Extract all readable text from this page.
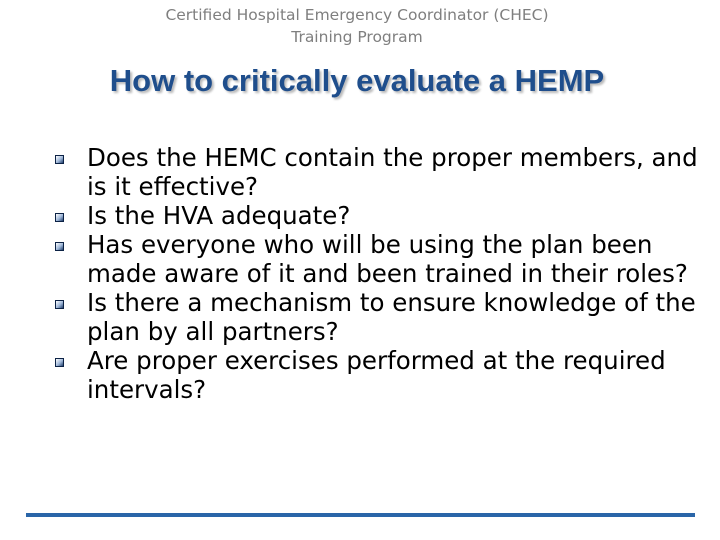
Certified Hospital Emergency Coordinator (CHEC)
Training Program
How to critically evaluate a HEMP
Does the HEMC contain the proper members, and is it effective?
Is the HVA adequate?
Has everyone who will be using the plan been made aware of it and been trained in their roles?
Is there a mechanism to ensure knowledge of the plan by all partners?
Are proper exercises performed at the required intervals?
